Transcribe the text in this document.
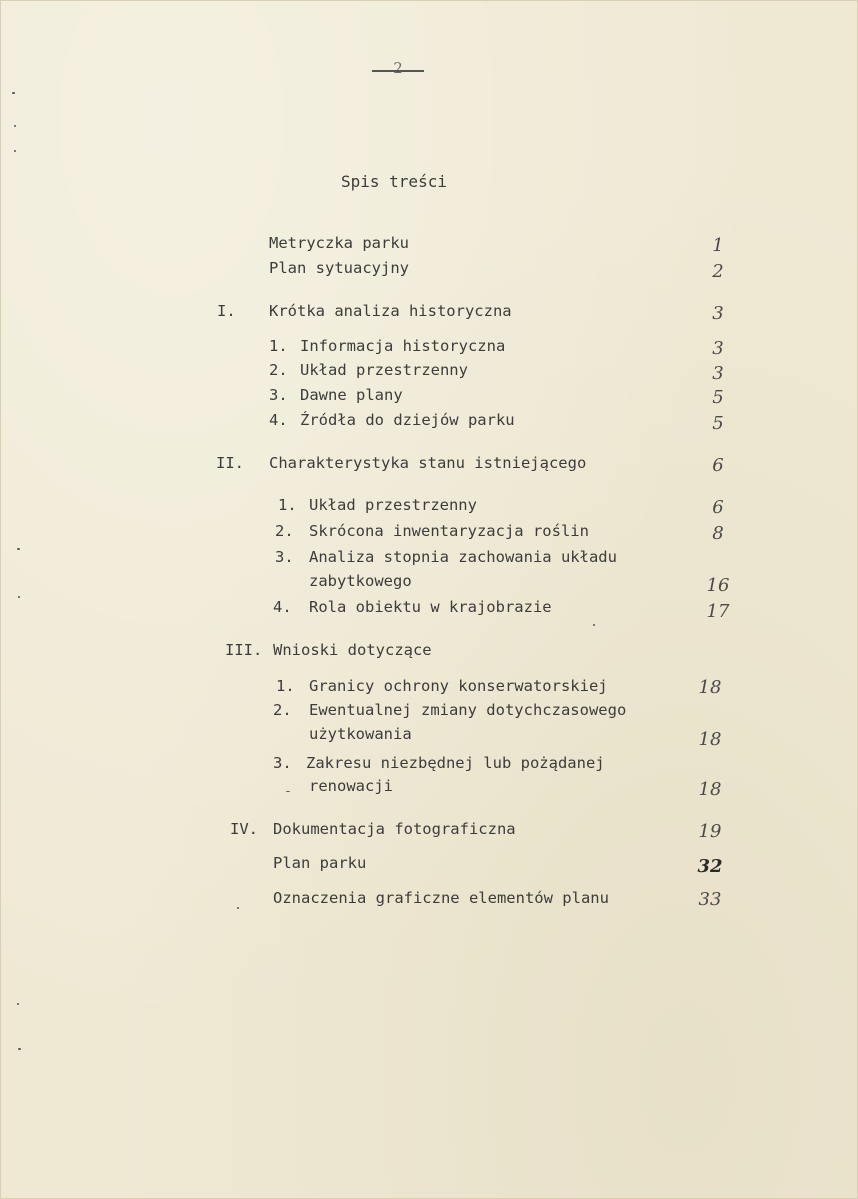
2
Spis treści
Metryczka parku	1
Plan sytuacyjny	2
I. Krótka analiza historyczna	3
1. Informacja historyczna	3
2. Układ przestrzenny	3
3. Dawne plany	5
4. Źródła do dziejów parku	5
II. Charakterystyka stanu istniejącego	6
1. Układ przestrzenny	6
2. Skrócona inwentaryzacja roślin	8
3. Analiza stopnia zachowania układu
zabytkowego	16
4. Rola obiektu w krajobrazie	17
III. Wnioski dotyczące
1. Granicy ochrony konserwatorskiej	18
2. Ewentualnej zmiany dotychczasowego
użytkowania	18
3. Zakresu niezbędnej lub pożądanej
renowacji	18
IV. Dokumentacja fotograficzna	19
Plan parku	32
Oznaczenia graficzne elementów planu	33
